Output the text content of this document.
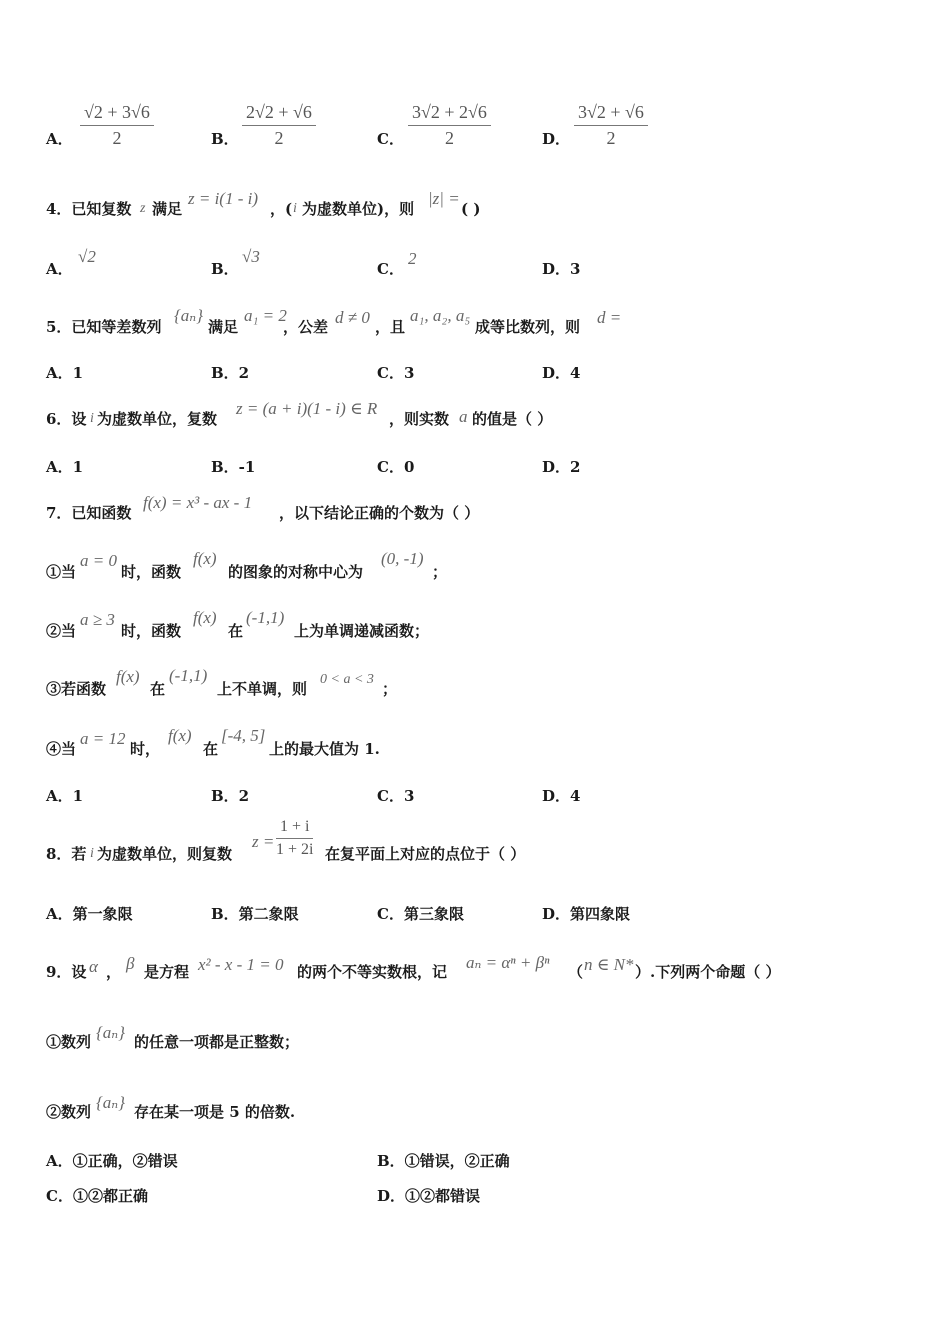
A． $\frac{√2 + 3√6}{2}$	B． $\frac{2√2 + √6}{2}$	C． $\frac{3√2 + 2√6}{2}$	D． $\frac{3√2 + √6}{2}$
4．已知复数 z 满足
z = i(1 - i)
，( i 为虚数单位)，则
|z| =
( )
A．
√2
B．
√3
C．
2
D．3
5．已知等差数列
{aₙ}
满足
a₁ = 2
，公差 d ≠ 0 ，且
a₁, a₂, a₅
成等比数列，则 d =
A．1	B．2	C．3	D．4
6．设 i 为虚数单位，复数
z = (a + i)(1 - i) ∈ R
，则实数 a 的值是（ ）
A．1	B．-1	C．0	D．2
7．已知函数
f(x) = x³ - ax - 1
，以下结论正确的个数为（ ）
①当
a = 0
时，函数
f(x)
的图象的对称中心为
(0, -1)
；
②当
a ≥ 3
时，函数
f(x)
在
(-1,1)
上为单调递减函数；
③若函数
f(x)
在
(-1,1)
上不单调，则
0 < a < 3
；
④当
a = 12
时，
f(x)
在
[-4, 5]
上的最大值为 1.
A．1	B．2	C．3	D．4
8．若 i 为虚数单位，则复数
$z = \frac{1 + i}{1 + 2i}$ 在复平面上对应的点位于（ ）
A．第一象限	B．第二象限	C．第三象限	D．第四象限
9．设 α ， β 是方程 x² - x - 1 = 0 的两个不等实数根，记 aₙ = αⁿ + βⁿ （ n ∈ N* ）.下列两个命题（ ）
①数列 {aₙ} 的任意一项都是正整数；
②数列 {aₙ} 存在某一项是 5 的倍数.
A．①正确，②错误	B．①错误，②正确
C．①②都正确	D．①②都错误
